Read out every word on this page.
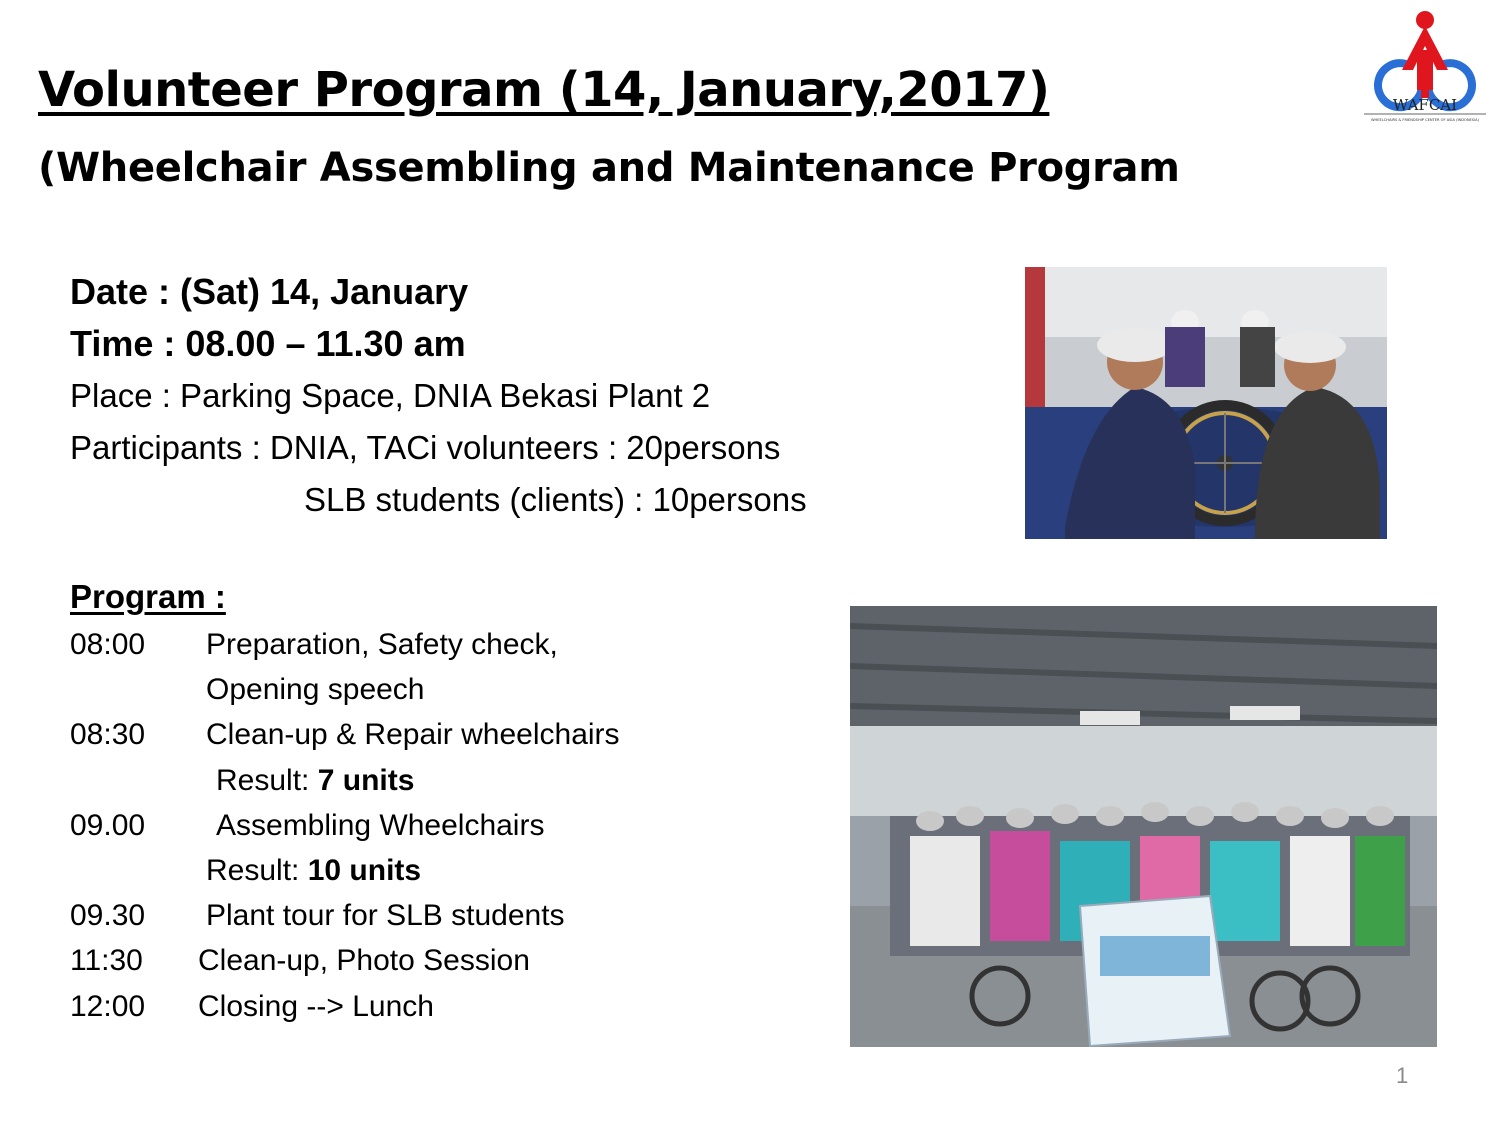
Volunteer Program (14, January,2017)
(Wheelchair Assembling and Maintenance Program
WAFCAI
WHEELCHAIRS & FRIENDSHIP CENTER OF ASIA (INDONESIA)
Date : (Sat) 14, January
Time : 08.00 – 11.30 am
Place : Parking Space, DNIA Bekasi Plant 2
Participants : DNIA, TACi volunteers : 20persons
SLB students (clients) : 10persons
Program :
08:00	Preparation, Safety check,
Opening speech
08:30	Clean-up & Repair wheelchairs
Result: 7 units
09.00	Assembling Wheelchairs
Result: 10 units
09.30	Plant tour for SLB students
11:30	Clean-up, Photo Session
12:00	Closing --> Lunch
1
